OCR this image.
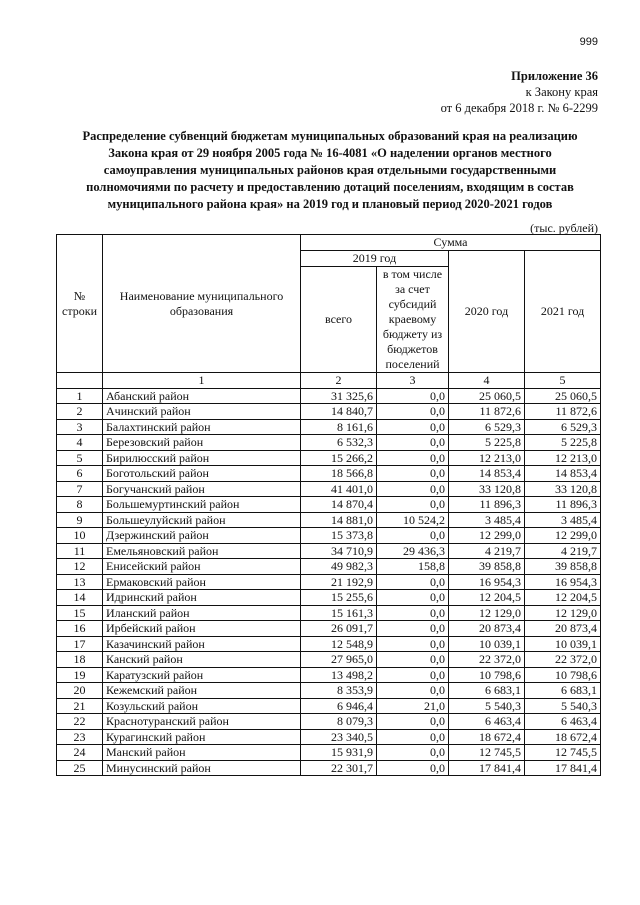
999
Приложение 36
к Закону края
от 6 декабря 2018 г. № 6-2299
Распределение субвенций бюджетам муниципальных образований края на реализацию
Закона края от 29 ноября 2005 года № 16-4081 «О наделении органов местного
самоуправления муниципальных районов края отдельными государственными
полномочиями по расчету и предоставлению дотаций поселениям, входящим в состав
муниципального района края» на 2019 год и плановый период 2020-2021 годов
(тыс. рублей)
№ строки	Наименование муниципального образования	Сумма			
		2019 год		2020 год	2021 год
		всего	в том числе за счет субсидий краевому бюджету из бюджетов поселений		
	1	2	3	4	5
1	Абанский район	31 325,6	0,0	25 060,5	25 060,5
2	Ачинский район	14 840,7	0,0	11 872,6	11 872,6
3	Балахтинский район	8 161,6	0,0	6 529,3	6 529,3
4	Березовский район	6 532,3	0,0	5 225,8	5 225,8
5	Бирилюсский район	15 266,2	0,0	12 213,0	12 213,0
6	Боготольский район	18 566,8	0,0	14 853,4	14 853,4
7	Богучанский район	41 401,0	0,0	33 120,8	33 120,8
8	Большемуртинский район	14 870,4	0,0	11 896,3	11 896,3
9	Большеулуйский район	14 881,0	10 524,2	3 485,4	3 485,4
10	Дзержинский район	15 373,8	0,0	12 299,0	12 299,0
11	Емельяновский район	34 710,9	29 436,3	4 219,7	4 219,7
12	Енисейский район	49 982,3	158,8	39 858,8	39 858,8
13	Ермаковский район	21 192,9	0,0	16 954,3	16 954,3
14	Идринский район	15 255,6	0,0	12 204,5	12 204,5
15	Иланский район	15 161,3	0,0	12 129,0	12 129,0
16	Ирбейский район	26 091,7	0,0	20 873,4	20 873,4
17	Казачинский район	12 548,9	0,0	10 039,1	10 039,1
18	Канский район	27 965,0	0,0	22 372,0	22 372,0
19	Каратузский район	13 498,2	0,0	10 798,6	10 798,6
20	Кежемский район	8 353,9	0,0	6 683,1	6 683,1
21	Козульский район	6 946,4	21,0	5 540,3	5 540,3
22	Краснотуранский район	8 079,3	0,0	6 463,4	6 463,4
23	Курагинский район	23 340,5	0,0	18 672,4	18 672,4
24	Манский район	15 931,9	0,0	12 745,5	12 745,5
25	Минусинский район	22 301,7	0,0	17 841,4	17 841,4
